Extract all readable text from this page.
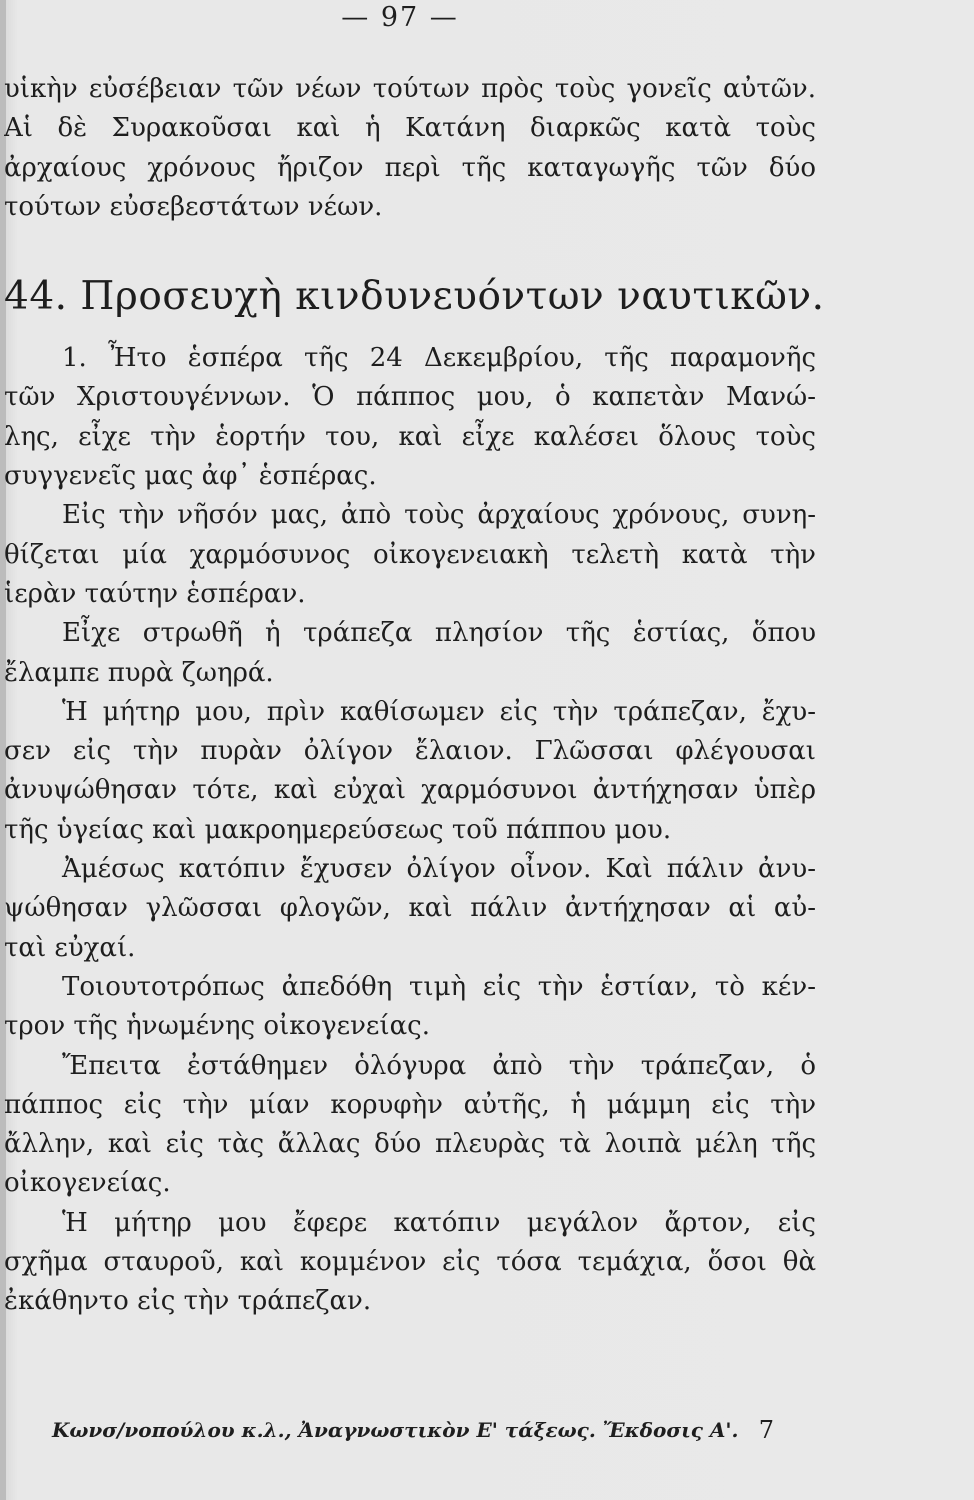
— 97 —
υἱκὴν εὐσέβειαν τῶν νέων τούτων πρὸς τοὺς γονεῖς αὐτῶν.
Αἱ δὲ Συρακοῦσαι καὶ ἡ Κατάνη διαρκῶς κατὰ τοὺς
ἀρχαίους χρόνους ἤριζον περὶ τῆς καταγωγῆς τῶν δύο
τούτων εὐσεβεστάτων νέων.
44. Προσευχὴ κινδυνευόντων ναυτικῶν.
1. Ἦτο ἑσπέρα τῆς 24 Δεκεμβρίου, τῆς παραμονῆς
τῶν Χριστουγέννων. Ὁ πάππος μου, ὁ καπετὰν Μανώ-
λης, εἶχε τὴν ἑορτήν του, καὶ εἶχε καλέσει ὅλους τοὺς
συγγενεῖς μας ἀφ᾽ ἑσπέρας.
Εἰς τὴν νῆσόν μας, ἀπὸ τοὺς ἀρχαίους χρόνους, συνη-
θίζεται μία χαρμόσυνος οἰκογενειακὴ τελετὴ κατὰ τὴν
ἱερὰν ταύτην ἑσπέραν.
Εἶχε στρωθῆ ἡ τράπεζα πλησίον τῆς ἑστίας, ὅπου
ἔλαμπε πυρὰ ζωηρά.
Ἡ μήτηρ μου, πρὶν καθίσωμεν εἰς τὴν τράπεζαν, ἔχυ-
σεν εἰς τὴν πυρὰν ὀλίγον ἔλαιον. Γλῶσσαι φλέγουσαι
ἀνυψώθησαν τότε, καὶ εὐχαὶ χαρμόσυνοι ἀντήχησαν ὑπὲρ
τῆς ὑγείας καὶ μακροημερεύσεως τοῦ πάππου μου.
Ἀμέσως κατόπιν ἔχυσεν ὀλίγον οἶνον. Καὶ πάλιν ἀνυ-
ψώθησαν γλῶσσαι φλογῶν, καὶ πάλιν ἀντήχησαν αἱ αὐ-
ταὶ εὐχαί.
Τοιουτοτρόπως ἀπεδόθη τιμὴ εἰς τὴν ἑστίαν, τὸ κέν-
τρον τῆς ἡνωμένης οἰκογενείας.
Ἔπειτα ἐστάθημεν ὁλόγυρα ἀπὸ τὴν τράπεζαν, ὁ
πάππος εἰς τὴν μίαν κορυφὴν αὐτῆς, ἡ μάμμη εἰς τὴν
ἄλλην, καὶ εἰς τὰς ἄλλας δύο πλευρὰς τὰ λοιπὰ μέλη τῆς
οἰκογενείας.
Ἡ μήτηρ μου ἔφερε κατόπιν μεγάλον ἄρτον, εἰς
σχῆμα σταυροῦ, καὶ κομμένον εἰς τόσα τεμάχια, ὅσοι θὰ
ἐκάθηντο εἰς τὴν τράπεζαν.
Κωνσ/νοπούλου κ.λ., Ἀναγνωστικὸν Ε' τάξεως. Ἔκδοσις Α'. 7
